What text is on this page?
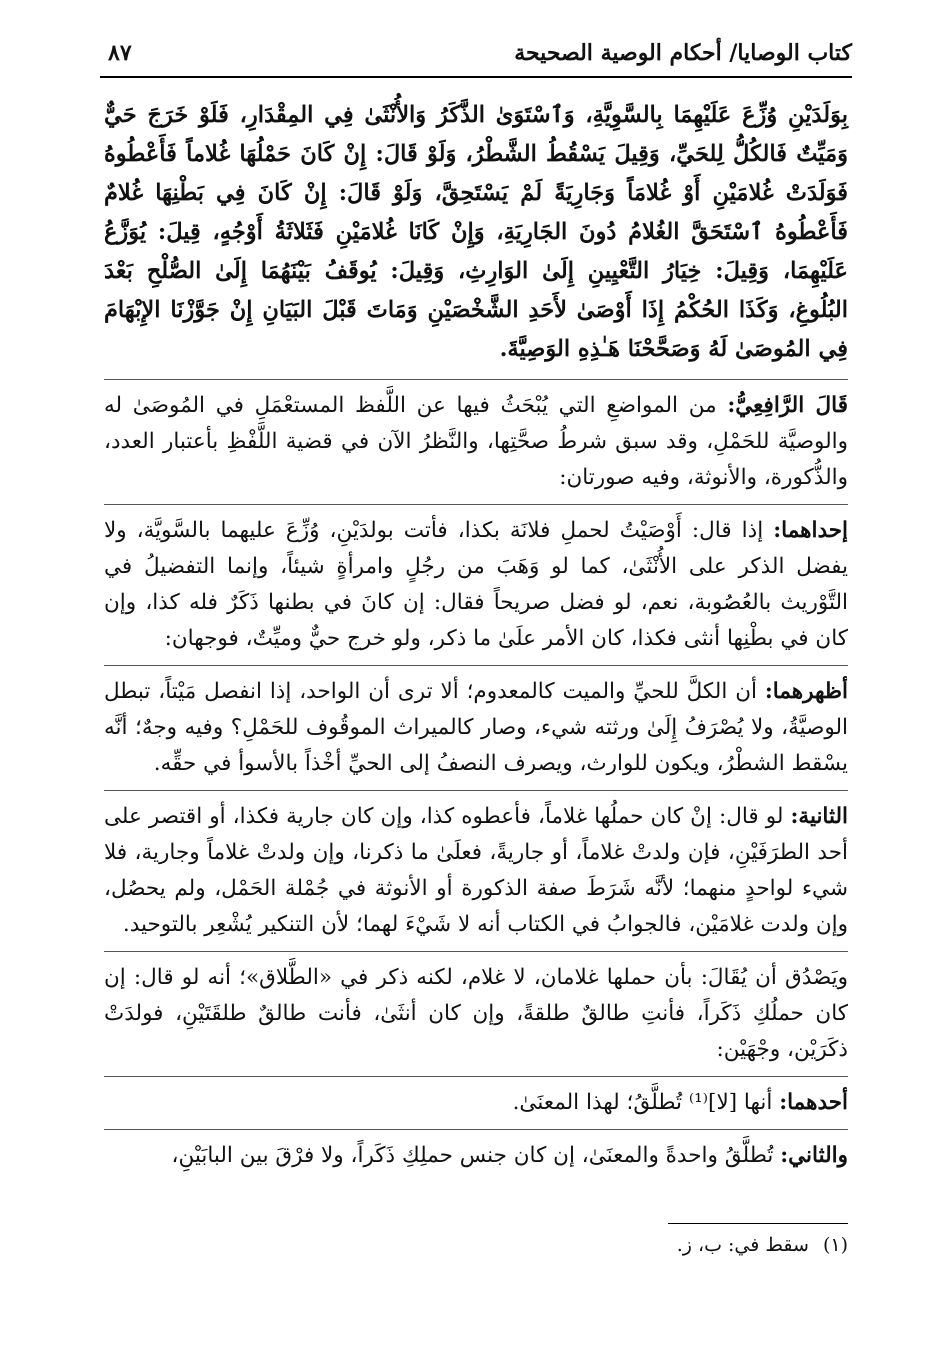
كتاب الوصايا/ أحكام الوصية الصحيحة
٨٧

بِوَلَدَيْنِ وُزِّعَ عَلَيْهِمَا بِالسَّوِيَّةِ، وَٱسْتَوَىٰ الذَّكَرُ وَالأُنْثَىٰ فِي المِقْدَارِ، فَلَوْ خَرَجَ حَيٌّ وَمَيِّتٌ فَالكُلُّ لِلحَيِّ، وَقِيلَ يَسْقُطُ الشَّطْرُ، وَلَوْ قَالَ: إِنْ كَانَ حَمْلُهَا غُلاماً فَأَعْطُوهُ فَوَلَدَتْ غُلامَيْنِ أَوْ غُلامَاً وَجَارِيَةً لَمْ يَسْتَحِقَّ، وَلَوْ قَالَ: إِنْ كَانَ فِي بَطْنِهَا غُلامٌ فَأَعْطُوهُ ٱسْتَحَقَّ الغُلامُ دُونَ الجَارِيَةِ، وَإِنْ كَانَا غُلامَيْنِ فَثَلاثَةُ أَوْجُهٍ، قِيلَ: يُوَزَّعُ عَلَيْهِمَا، وَقِيلَ: خِيَارُ التَّعْيِينِ إِلَىٰ الوَارِثِ، وَقِيلَ: يُوقَفُ بَيْنَهُمَا إِلَىٰ الصُّلْحِ بَعْدَ البُلُوغِ، وَكَذَا الحُكْمُ إِذَا أَوْصَىٰ لأَحَدِ الشَّخْصَيْنِ وَمَاتَ قَبْلَ البَيَانِ إِنْ جَوَّزْنَا الإِبْهَامَ فِي المُوصَىٰ لَهُ وَصَحَّحْنَا هَـٰذِهِ الوَصِيَّةَ.

قَالَ الرَّافِعِيُّ: من المواضعِ التي يُبْحَثُ فيها عن اللَّفظ المستعْمَلِ في المُوصَىٰ له والوصيَّة للحَمْلِ، وقد سبق شرطُ صحَّتِها، والنَّظرُ الآن في قضية اللَّفْظِ بأعتبار العدد، والذُّكورة، والأنوثة، وفيه صورتان:

إحداهما: إذا قال: أَوْصَيْتُ لحملِ فلانَة بكذا، فأتت بولدَيْنِ، وُزِّعَ عليهما بالسَّويَّة، ولا يفضل الذكر على الأُنْثَىٰ، كما لو وَهَبَ من رجُلٍ وامرأةٍ شيئاً، وإنما التفضيلُ في التَّوْريث بالعُصُوبة، نعم، لو فضل صريحاً فقال: إن كانَ في بطنها ذَكَرٌ فله كذا، وإن كان في بطْنِها أنثى فكذا، كان الأمر علَىٰ ما ذكر، ولو خرج حيٌّ وميِّتٌ، فوجهان:

أظهرهما: أن الكلَّ للحيِّ والميت كالمعدوم؛ ألا ترى أن الواحد، إذا انفصل مَيْتاً، تبطل الوصيَّةُ، ولا يُصْرَفُ إِلَىٰ ورثته شيء، وصار كالميراث الموقُوف للحَمْلِ؟ وفيه وجهٌ؛ أنَّه يسْقط الشطْرُ، ويكون للوارث، ويصرف النصفُ إلى الحيِّ أخْذاً بالأسوأ في حقِّه.

الثانية: لو قال: إنْ كان حملُها غلاماً، فأعطوه كذا، وإن كان جارية فكذا، أو اقتصر على أحد الطرَفَيْنِ، فإن ولدتْ غلاماً، أو جاريةً، فعلَىٰ ما ذكرنا، وإن ولدتْ غلاماً وجارية، فلا شيء لواحدٍ منهما؛ لأنَّه شَرَطَ صفة الذكورة أو الأنوثة في جُمْلة الحَمْل، ولم يحصُل، وإن ولدت غلامَيْن، فالجوابُ في الكتاب أنه لا شَيْءَ لهما؛ لأن التنكير يُشْعِر بالتوحيد.

ويَصْدُق أن يُقَالَ: بأن حملها غلامان، لا غلام، لكنه ذكر في «الطَّلاق»؛ أنه لو قال: إن كان حملُكِ ذَكَراً، فأنتِ طالقٌ طلقةً، وإن كان أنثَىٰ، فأنت طالقٌ طلقَتَيْنِ، فولدَتْ ذكَرَيْن، وجْهَيْن:

أحدهما: أنها [لا]⁽¹⁾ تُطلَّقُ؛ لهذا المعنَىٰ.

والثاني: تُطلَّقُ واحدةً والمعنَىٰ، إن كان جنس حملِكِ ذَكَراً، ولا فرْقَ بين البابَيْنِ،

(١)سقط في: ب، ز.
